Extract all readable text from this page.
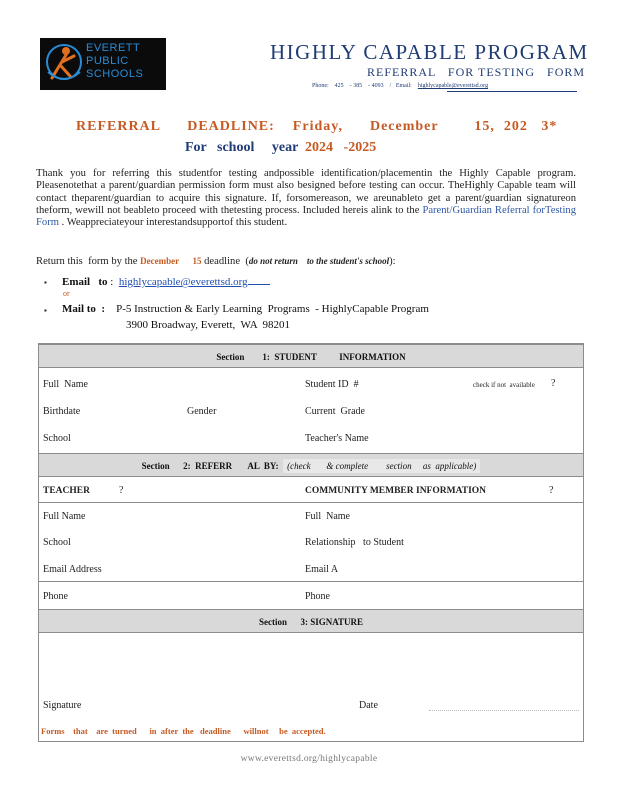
EVERETT
PUBLIC
SCHOOLS
HIGHLY CAPABLE PROGRAM
REFERRAL   FOR TESTING   FORM
Phone: 425    - 385    - 4093 /   Email: highlycapable@everettsd.org
REFERRAL      DEADLINE:    Friday,      December        15,  202   3*
For   school     year  2024   -2025
Thank you for referring this studentfor testing andpossible identification/placementin the Highly Capable program. Pleasenotethat a parent/guardian permission form must also besigned before testing can occur. TheHighly Capable team will contact theparent/guardian to acquire this signature. If, forsomereason, we areunableto get a parent/guardian signatureon theform, wewill not beableto proceed with thetesting process. Included hereis alink to the Parent/Guardian Referral forTesting Form . Weappreciateyour interestandsupportof this student.
Return this  form by the December      15 deadline  (do not return    to the student's school):
▪ Email   to :  highlycapable@everettsd.org
or
▪ Mail to  : P-5 Instruction & Early Learning  Programs  - HighlyCapable Program
3900 Broadway, Everett,  WA  98201
Section        1:  STUDENT          INFORMATION
Full  Name	Student ID  #	check if not  available ?
Birthdate	Gender	Current  Grade
School	Teacher's Name
Section      2:  REFERR       AL  BY: (check       & complete        section     as  applicable)
TEACHER	?	COMMUNITY MEMBER INFORMATION	?
Full Name	Full  Name
School	Relationship   to Student
Email Address	Email A
Phone	Phone
Section      3: SIGNATURE
Signature	Date
Forms    that    are  turned      in  after  the   deadline      willnot     be  accepted.
www.everettsd.org/highlycapable
